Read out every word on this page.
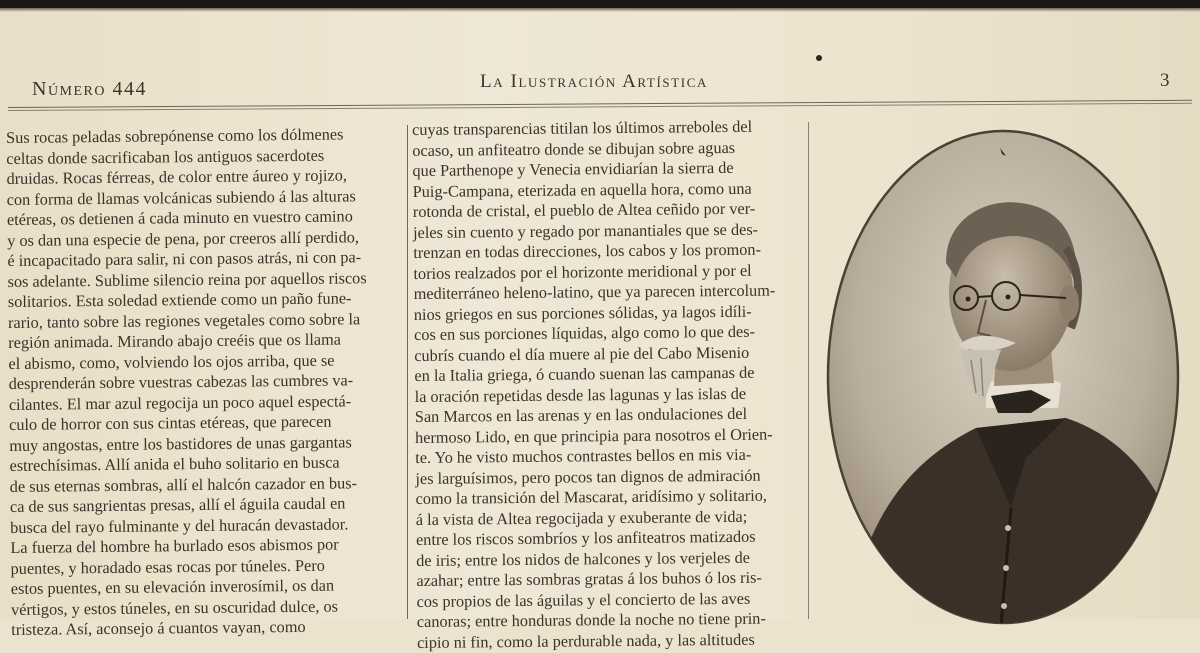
Número 444	La Ilustración Artística	3
Sus rocas peladas sobrepónense como los dólmenes
celtas donde sacrificaban los antiguos sacerdotes
druidas. Rocas férreas, de color entre áureo y rojizo,
con forma de llamas volcánicas subiendo á las alturas
etéreas, os detienen á cada minuto en vuestro camino
y os dan una especie de pena, por creeros allí perdido,
é incapacitado para salir, ni con pasos atrás, ni con pa-
sos adelante. Sublime silencio reina por aquellos riscos
solitarios. Esta soledad extiende como un paño fune-
rario, tanto sobre las regiones vegetales como sobre la
región animada. Mirando abajo creéis que os llama
el abismo, como, volviendo los ojos arriba, que se
desprenderán sobre vuestras cabezas las cumbres va-
cilantes. El mar azul regocija un poco aquel espectá-
culo de horror con sus cintas etéreas, que parecen
muy angostas, entre los bastidores de unas gargantas
estrechísimas. Allí anida el buho solitario en busca
de sus eternas sombras, allí el halcón cazador en bus-
ca de sus sangrientas presas, allí el águila caudal en
busca del rayo fulminante y del huracán devastador.
La fuerza del hombre ha burlado esos abismos por
puentes, y horadado esas rocas por túneles. Pero
estos puentes, en su elevación inverosímil, os dan
vértigos, y estos túneles, en su oscuridad dulce, os
tristeza. Así, aconsejo á cuantos vayan, como
cuyas transparencias titilan los últimos arreboles del
ocaso, un anfiteatro donde se dibujan sobre aguas
que Parthenope y Venecia envidiarían la sierra de
Puig-Campana, eterizada en aquella hora, como una
rotonda de cristal, el pueblo de Altea ceñido por ver-
jeles sin cuento y regado por manantiales que se des-
trenzan en todas direcciones, los cabos y los promon-
torios realzados por el horizonte meridional y por el
mediterráneo heleno-latino, que ya parecen intercolum-
nios griegos en sus porciones sólidas, ya lagos idíli-
cos en sus porciones líquidas, algo como lo que des-
cubrís cuando el día muere al pie del Cabo Misenio
en la Italia griega, ó cuando suenan las campanas de
la oración repetidas desde las lagunas y las islas de
San Marcos en las arenas y en las ondulaciones del
hermoso Lido, en que principia para nosotros el Orien-
te. Yo he visto muchos contrastes bellos en mis via-
jes larguísimos, pero pocos tan dignos de admiración
como la transición del Mascarat, aridísimo y solitario,
á la vista de Altea regocijada y exuberante de vida;
entre los riscos sombríos y los anfiteatros matizados
de iris; entre los nidos de halcones y los verjeles de
azahar; entre las sombras gratas á los buhos ó los ris-
cos propios de las águilas y el concierto de las aves
canoras; entre honduras donde la noche no tiene prin-
cipio ni fin, como la perdurable nada, y las altitudes
